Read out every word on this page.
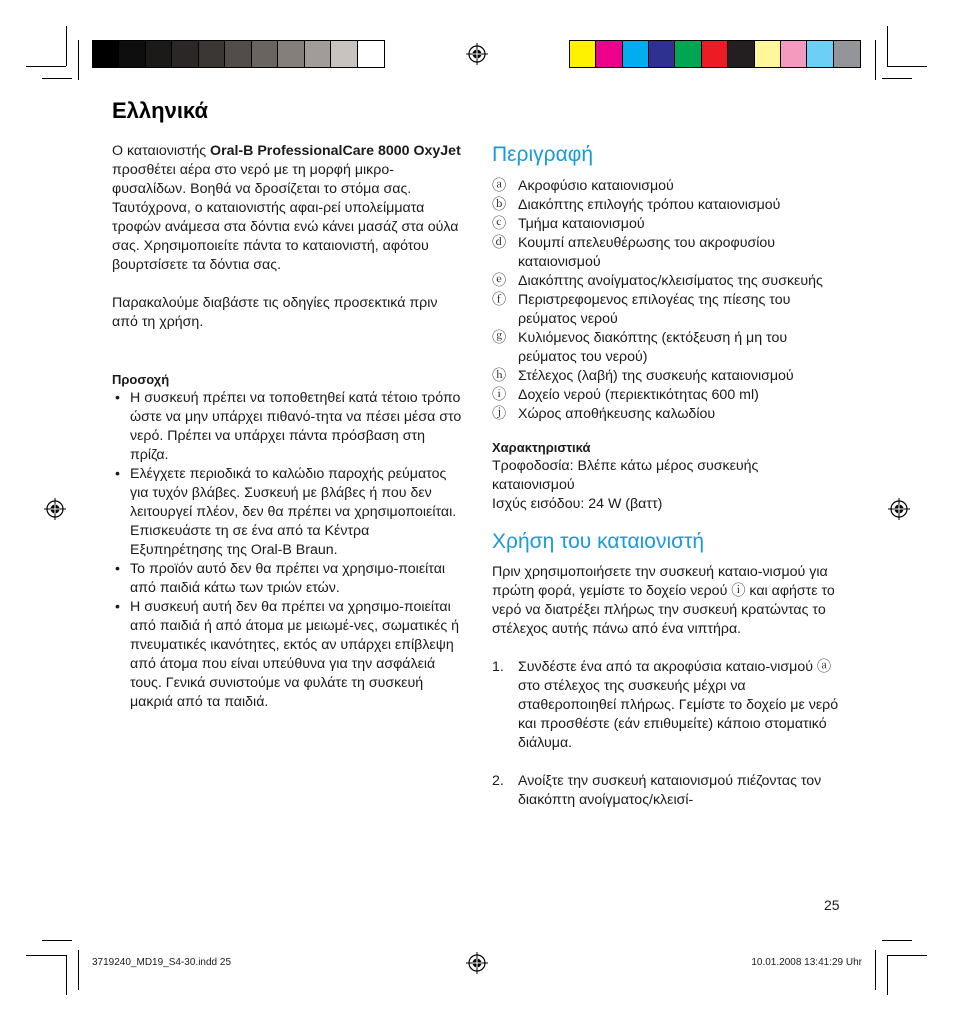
Ελληνικά

Ο καταιονιστής Oral-B ProfessionalCare 8000 OxyJet προσθέτει αέρα στο νερό με τη μορφή μικρο-φυσαλίδων. Βοηθά να δροσίζεται το στόμα σας. Ταυτόχρονα, ο καταιονιστής αφαι-ρεί υπολείμματα τροφών ανάμεσα στα δόντια ενώ κάνει μασάζ στα ούλα σας. Χρησιμοποιείτε πάντα το καταιονιστή, αφότου βουρτσίσετε τα δόντια σας.

Παρακαλούμε διαβάστε τις οδηγίες προσεκτικά πριν από τη χρήση.

Προσοχή

• Η συσκευή πρέπει να τοποθετηθεί κατά τέτοιο τρόπο ώστε να μην υπάρχει πιθανό-τητα να πέσει μέσα στο νερό. Πρέπει να υπάρχει πάντα πρόσβαση στη πρίζα.
• Ελέγχετε περιοδικά το καλώδιο παροχής ρεύματος για τυχόν βλάβες. Συσκευή με βλάβες ή που δεν λειτουργεί πλέον, δεν θα πρέπει να χρησιμοποιείται. Επισκευάστε τη σε ένα από τα Κέντρα Εξυπηρέτησης της Oral-B Braun.
• Το προϊόν αυτό δεν θα πρέπει να χρησιμο-ποιείται από παιδιά κάτω των τριών ετών.
• Η συσκευή αυτή δεν θα πρέπει να χρησιμο-ποιείται από παιδιά ή από άτομα με μειωμέ-νες, σωματικές ή πνευματικές ικανότητες, εκτός αν υπάρχει επίβλεψη από άτομα που είναι υπεύθυνα για την ασφάλειά τους. Γενικά συνιστούμε να φυλάτε τη συσκευή μακριά από τα παιδιά.
Περιγραφή
ⓐ Ακροφύσιο καταιονισμού
ⓑ Διακόπτης επιλογής τρόπου καταιονισμού
ⓒ Τμήμα καταιονισμού
ⓓ Κουμπί απελευθέρωσης του ακροφυσίου καταιονισμού
ⓔ Διακόπτης ανοίγματος/κλεισίματος της συσκευής
ⓕ Περιστρεφομενος επιλογέας της πίεσης του ρεύματος νερού
ⓖ Κυλιόμενος διακόπτης (εκτόξευση ή μη του ρεύματος του νερού)
ⓗ Στέλεχος (λαβή) της συσκευής καταιονισμού
ⓘ Δοχείο νερού (περιεκτικότητας 600 ml)
ⓙ Χώρος αποθήκευσης καλωδίου

Χαρακτηριστικά

Τροφοδοσία: Βλέπε κάτω μέρος συσκευής καταιονισμού

Ισχύς εισόδου: 24 W (βαττ)

Χρήση του καταιονιστή

Πριν χρησιμοποιήσετε την συσκευή καταιο-νισμού για πρώτη φορά, γεμίστε το δοχείο νερού ⓘ και αφήστε το νερό να διατρέξει πλήρως την συσκευή κρατώντας το στέλεχος αυτής πάνω από ένα νιπτήρα.

1. Συνδέστε ένα από τα ακροφύσια καταιο-νισμού ⓐ στο στέλεχος της συσκευής μέχρι να σταθεροποιηθεί πλήρως. Γεμίστε το δοχείο με νερό και προσθέστε (εάν επιθυμείτε) κάποιο στοματικό διάλυμα.
2. Ανοίξτε την συσκευή καταιονισμού πιέζοντας τον διακόπτη ανοίγματος/κλεισί-
25
3719240_MD19_S4-30.indd 25	10.01.2008 13:41:29 Uhr
